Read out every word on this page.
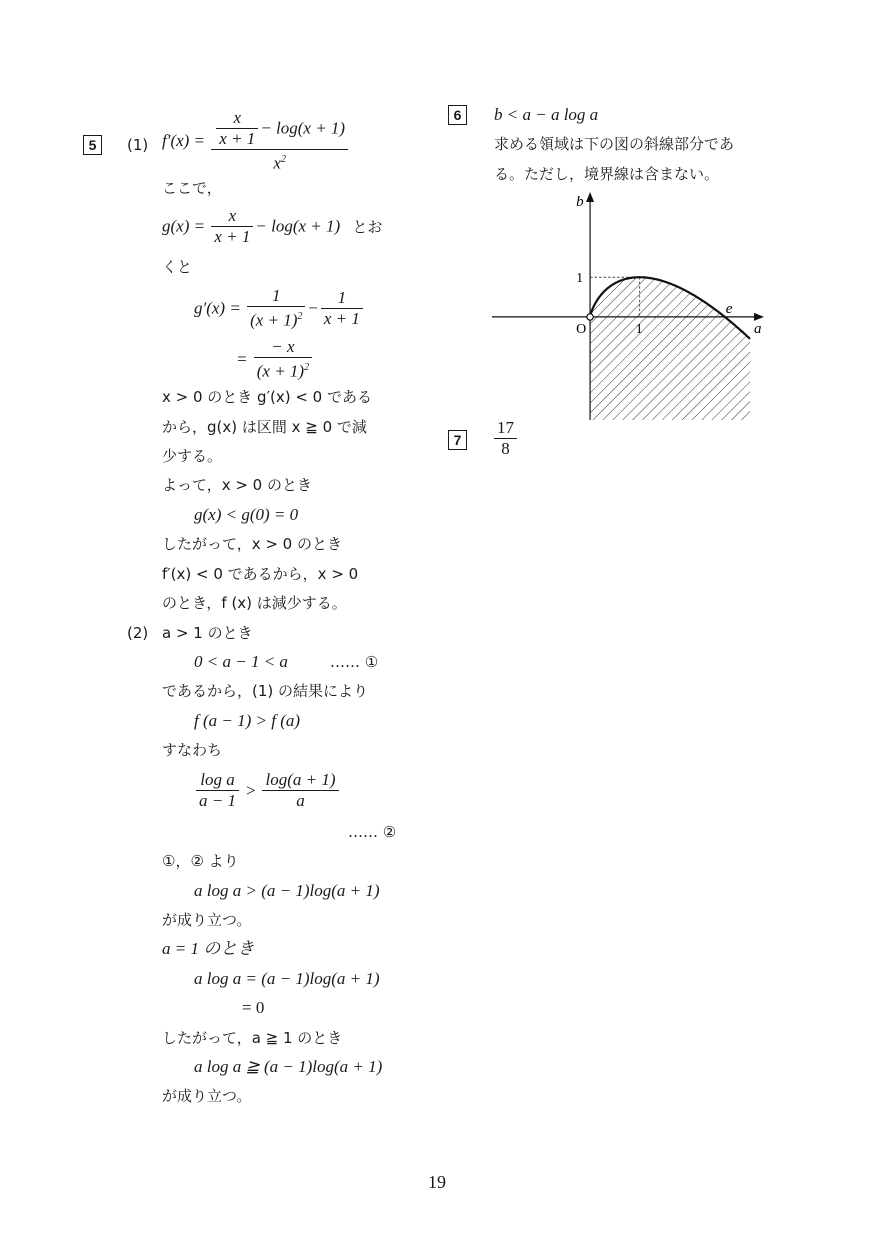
5	(1) $f'(x) = \frac{\frac{x}{x + 1} - \log(x + 1)}{x^2}$
ここで，
$g(x) = \frac{x}{x + 1} - \log(x + 1)$ とお
くと
$g'(x) = \frac{1}{(x + 1)^2} - \frac{1}{x + 1}$
= $\frac{- x}{(x + 1)^2}$
x > 0 のとき g′(x) < 0 である
から，g(x) は区間 x ≧ 0 で減
少する。
よって，x > 0 のとき
g(x) < g(0) = 0
したがって，x > 0 のとき
f′(x) < 0 であるから，x > 0
のとき，f (x) は減少する。
(2) a > 1 のとき
0 < a − 1 < a	…… ①
であるから，(1) の結果により
f (a − 1) > f (a)
すなわち
$\frac{\text{log a}}{a - 1} > \frac{\log(a + 1)}{a}$
…… ②
①，② より
a log a > (a − 1)log(a + 1)
が成り立つ。
a = 1 のとき
a log a = (a − 1)log(a + 1)
= 0
したがって，a ≧ 1 のとき
a log a ≧ (a − 1)log(a + 1)
が成り立つ。
6	b < a − a log a
求める領域は下の図の斜線部分であ
る。ただし，境界線は含まない。
a
b
O	1
1
e
7	$\frac{17}{8}$
19
